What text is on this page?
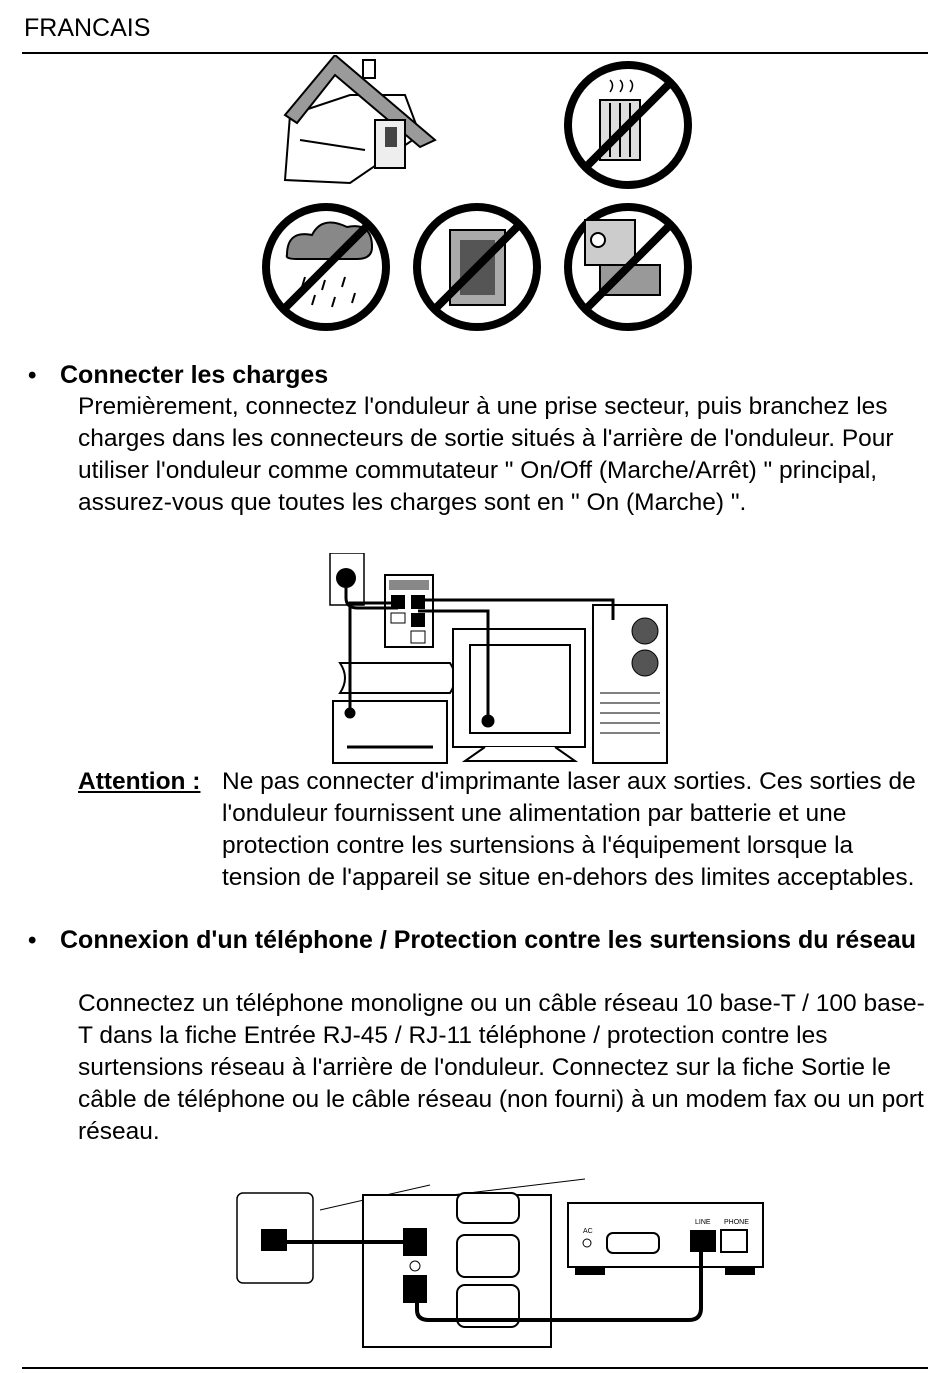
FRANCAIS
• Connecter les charges
Premièrement, connectez l'onduleur à une prise secteur, puis branchez les charges dans les connecteurs de sortie situés à l'arrière de l'onduleur. Pour utiliser l'onduleur comme commutateur " On/Off (Marche/Arrêt) " principal, assurez-vous que toutes les charges sont en " On (Marche) ".
Attention : Ne pas connecter d'imprimante laser aux sorties. Ces sorties de l'onduleur fournissent une alimentation par batterie et une protection contre les surtensions à l'équipement lorsque la tension de l'appareil se situe en-dehors des limites acceptables.
• Connexion d'un téléphone / Protection contre les surtensions du réseau
Connectez un téléphone monoligne ou un câble réseau 10 base-T / 100 base-T dans la fiche Entrée RJ-45 / RJ-11 téléphone / protection contre les surtensions réseau à l'arrière de l'onduleur. Connectez sur la fiche Sortie le câble de téléphone ou le câble réseau (non fourni) à un modem fax ou un port réseau.
AC
LINE PHONE
